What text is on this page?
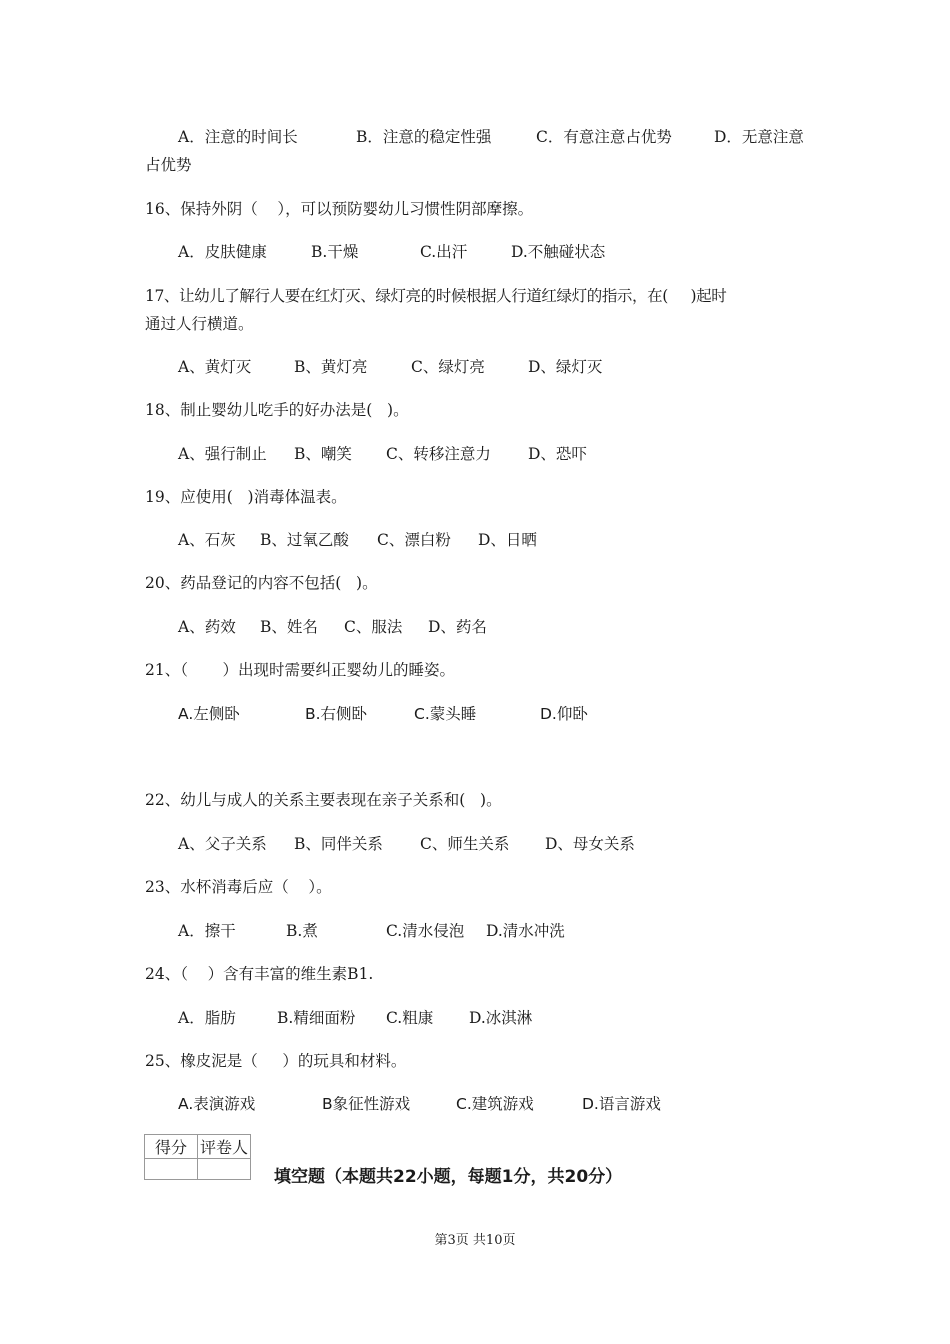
A．注意的时间长	B．注意的稳定性强	C．有意注意占优势	D．无意注意
占优势
16、保持外阴（    ），可以预防婴幼儿习惯性阴部摩擦。
A．皮肤健康	B.干燥	C.出汗	D.不触碰状态
17、让幼儿了解行人要在红灯灭、绿灯亮的时候根据人行道红绿灯的指示，在(     )起时
通过人行横道。
A、黄灯灭	B、黄灯亮	C、绿灯亮	D、绿灯灭
18、制止婴幼儿吃手的好办法是(   )。
A、强行制止 B、嘲笑 C、转移注意力 D、恐吓
19、应使用(   )消毒体温表。
A、石灰 B、过氧乙酸 C、漂白粉 D、日晒
20、药品登记的内容不包括(   )。
A、药效 B、姓名 C、服法 D、药名
21、（       ）出现时需要纠正婴幼儿的睡姿。
A.左侧卧	B.右侧卧	C.蒙头睡	D.仰卧
22、幼儿与成人的关系主要表现在亲子关系和(   )。
A、父子关系 B、同伴关系 C、师生关系 D、母女关系
23、水杯消毒后应（    ）。
A．擦干	B.煮	C.清水侵泡 D.清水冲洗
24、（    ）含有丰富的维生素B1.
A．脂肪	B.精细面粉 C.粗康 D.冰淇淋
25、橡皮泥是（     ）的玩具和材料。
A.表演游戏	B象征性游戏	C.建筑游戏	D.语言游戏
得分	评卷人

填空题（本题共22小题，每题1分，共20分）
第3页 共10页
